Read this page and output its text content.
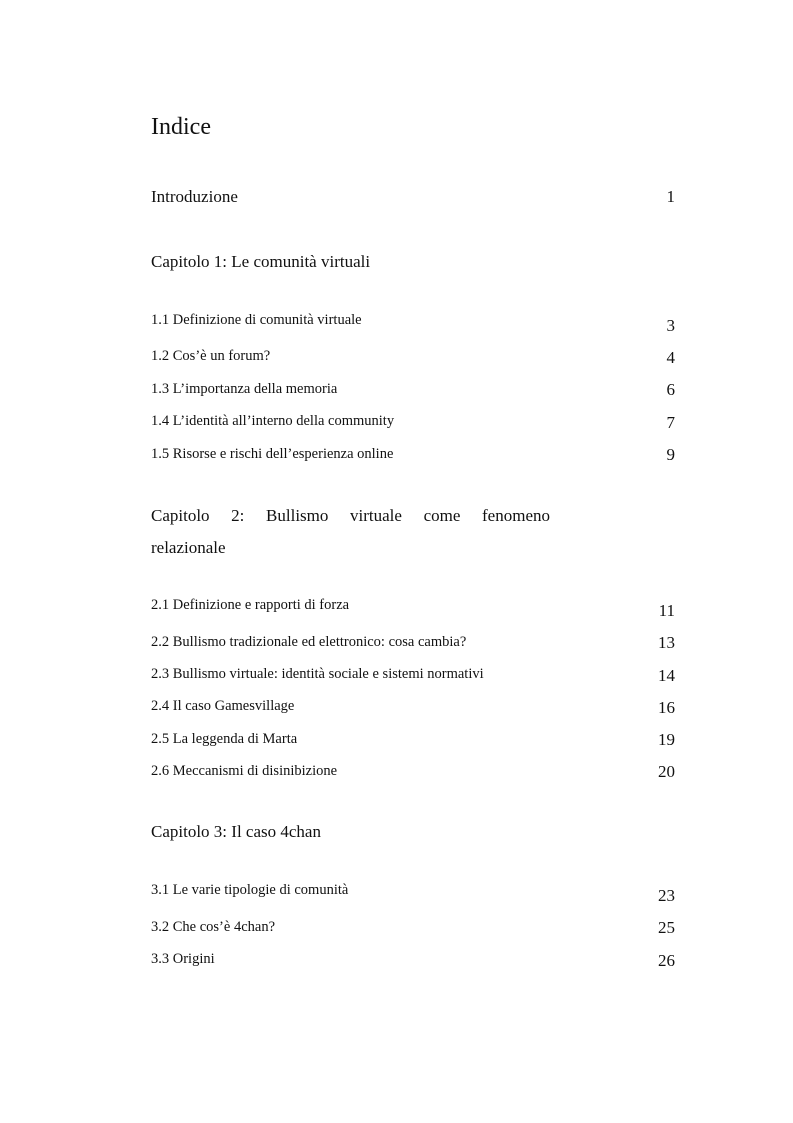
Indice
Introduzione	1
Capitolo 1: Le comunità virtuali
1.1 Definizione di comunità virtuale	3
1.2 Cos’è un forum?	4
1.3 L’importanza della memoria	6
1.4 L’identità all’interno della community	7
1.5 Risorse e rischi dell’esperienza online	9
Capitolo 2: Bullismo virtuale come fenomeno
relazionale
2.1 Definizione e rapporti di forza	11
2.2 Bullismo tradizionale ed elettronico: cosa cambia?	13
2.3 Bullismo virtuale: identità sociale e sistemi normativi	14
2.4 Il caso Gamesvillage	16
2.5 La leggenda di Marta	19
2.6 Meccanismi di disinibizione	20
Capitolo 3: Il caso 4chan
3.1 Le varie tipologie di comunità	23
3.2 Che cos’è 4chan?	25
3.3 Origini	26
